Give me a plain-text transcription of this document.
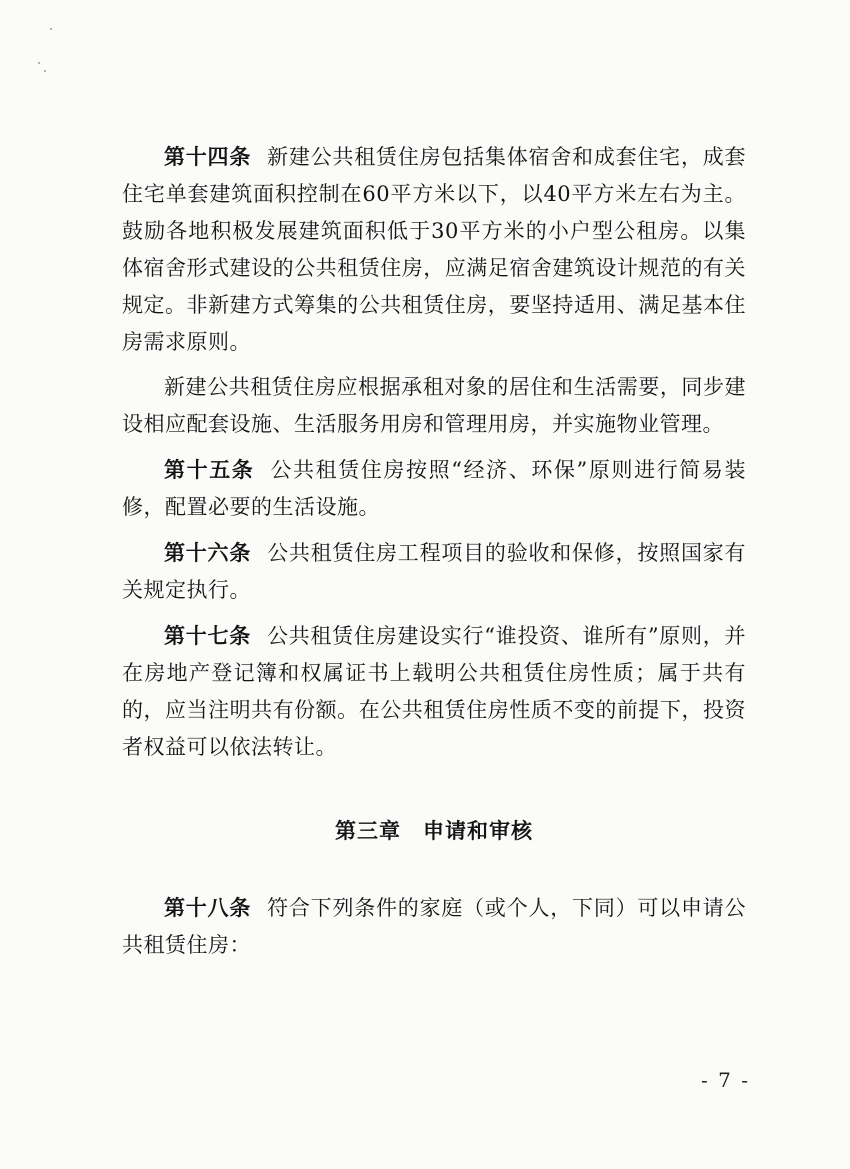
第十四条 新建公共租赁住房包括集体宿舍和成套住宅，成套住宅单套建筑面积控制在60平方米以下，以40平方米左右为主。鼓励各地积极发展建筑面积低于30平方米的小户型公租房。以集体宿舍形式建设的公共租赁住房，应满足宿舍建筑设计规范的有关规定。非新建方式筹集的公共租赁住房，要坚持适用、满足基本住房需求原则。

新建公共租赁住房应根据承租对象的居住和生活需要，同步建设相应配套设施、生活服务用房和管理用房，并实施物业管理。

第十五条 公共租赁住房按照“经济、环保”原则进行简易装修，配置必要的生活设施。

第十六条 公共租赁住房工程项目的验收和保修，按照国家有关规定执行。

第十七条 公共租赁住房建设实行“谁投资、谁所有”原则，并在房地产登记簿和权属证书上载明公共租赁住房性质；属于共有的，应当注明共有份额。在公共租赁住房性质不变的前提下，投资者权益可以依法转让。

第三章 申请和审核

第十八条 符合下列条件的家庭（或个人，下同）可以申请公共租赁住房：

- 7 -
